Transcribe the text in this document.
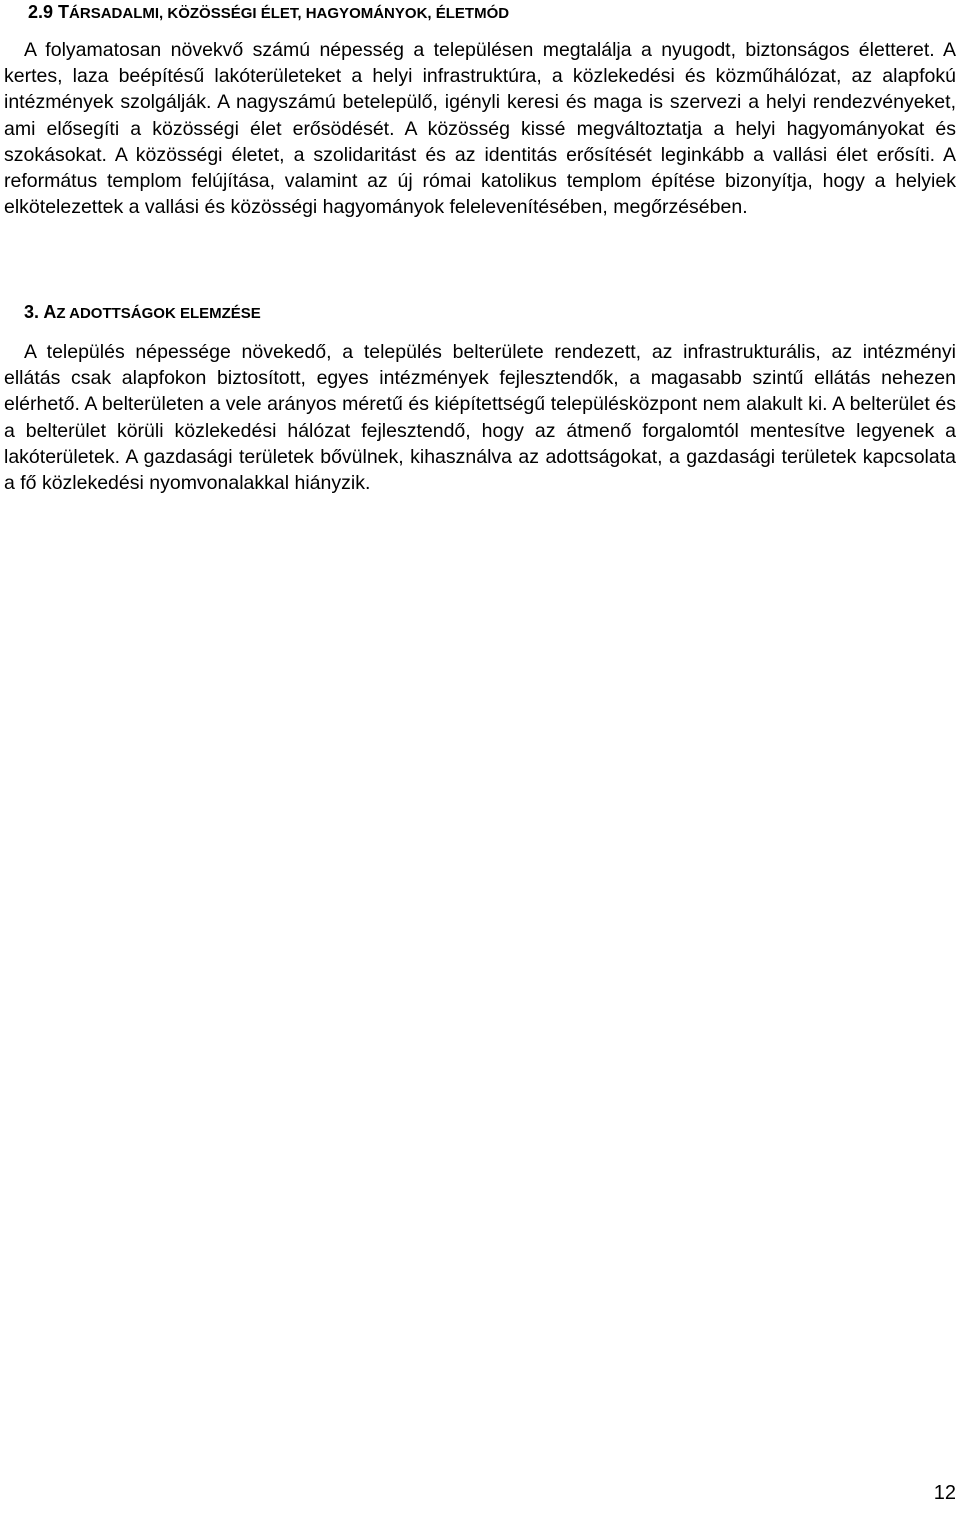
2.9 TÁRSADALMI, KÖZÖSSÉGI ÉLET, HAGYOMÁNYOK, ÉLETMÓD

A folyamatosan növekvő számú népesség a településen megtalálja a nyugodt, biztonságos életteret. A kertes, laza beépítésű lakóterületeket a helyi infrastruktúra, a közlekedési és közműhálózat, az alapfokú intézmények szolgálják. A nagyszámú betelepülő, igényli keresi és maga is szervezi a helyi rendezvényeket, ami elősegíti a közösségi élet erősödését. A közösség kissé megváltoztatja a helyi hagyományokat és szokásokat. A közösségi életet, a szolidaritást és az identitás erősítését leginkább a vallási élet erősíti. A református templom felújítása, valamint az új római katolikus templom építése bizonyítja, hogy a helyiek elkötelezettek a vallási és közösségi hagyományok felelevenítésében, megőrzésében.

3. AZ ADOTTSÁGOK ELEMZÉSE

A település népessége növekedő, a település belterülete rendezett, az infrastrukturális, az intézményi ellátás csak alapfokon biztosított, egyes intézmények fejlesztendők, a magasabb szintű ellátás nehezen elérhető. A belterületen a vele arányos méretű és kiépítettségű településközpont nem alakult ki. A belterület és a belterület körüli közlekedési hálózat fejlesztendő, hogy az átmenő forgalomtól mentesítve legyenek a lakóterületek. A gazdasági területek bővülnek, kihasználva az adottságokat, a gazdasági területek kapcsolata a fő közlekedési nyomvonalakkal hiányzik.

12
